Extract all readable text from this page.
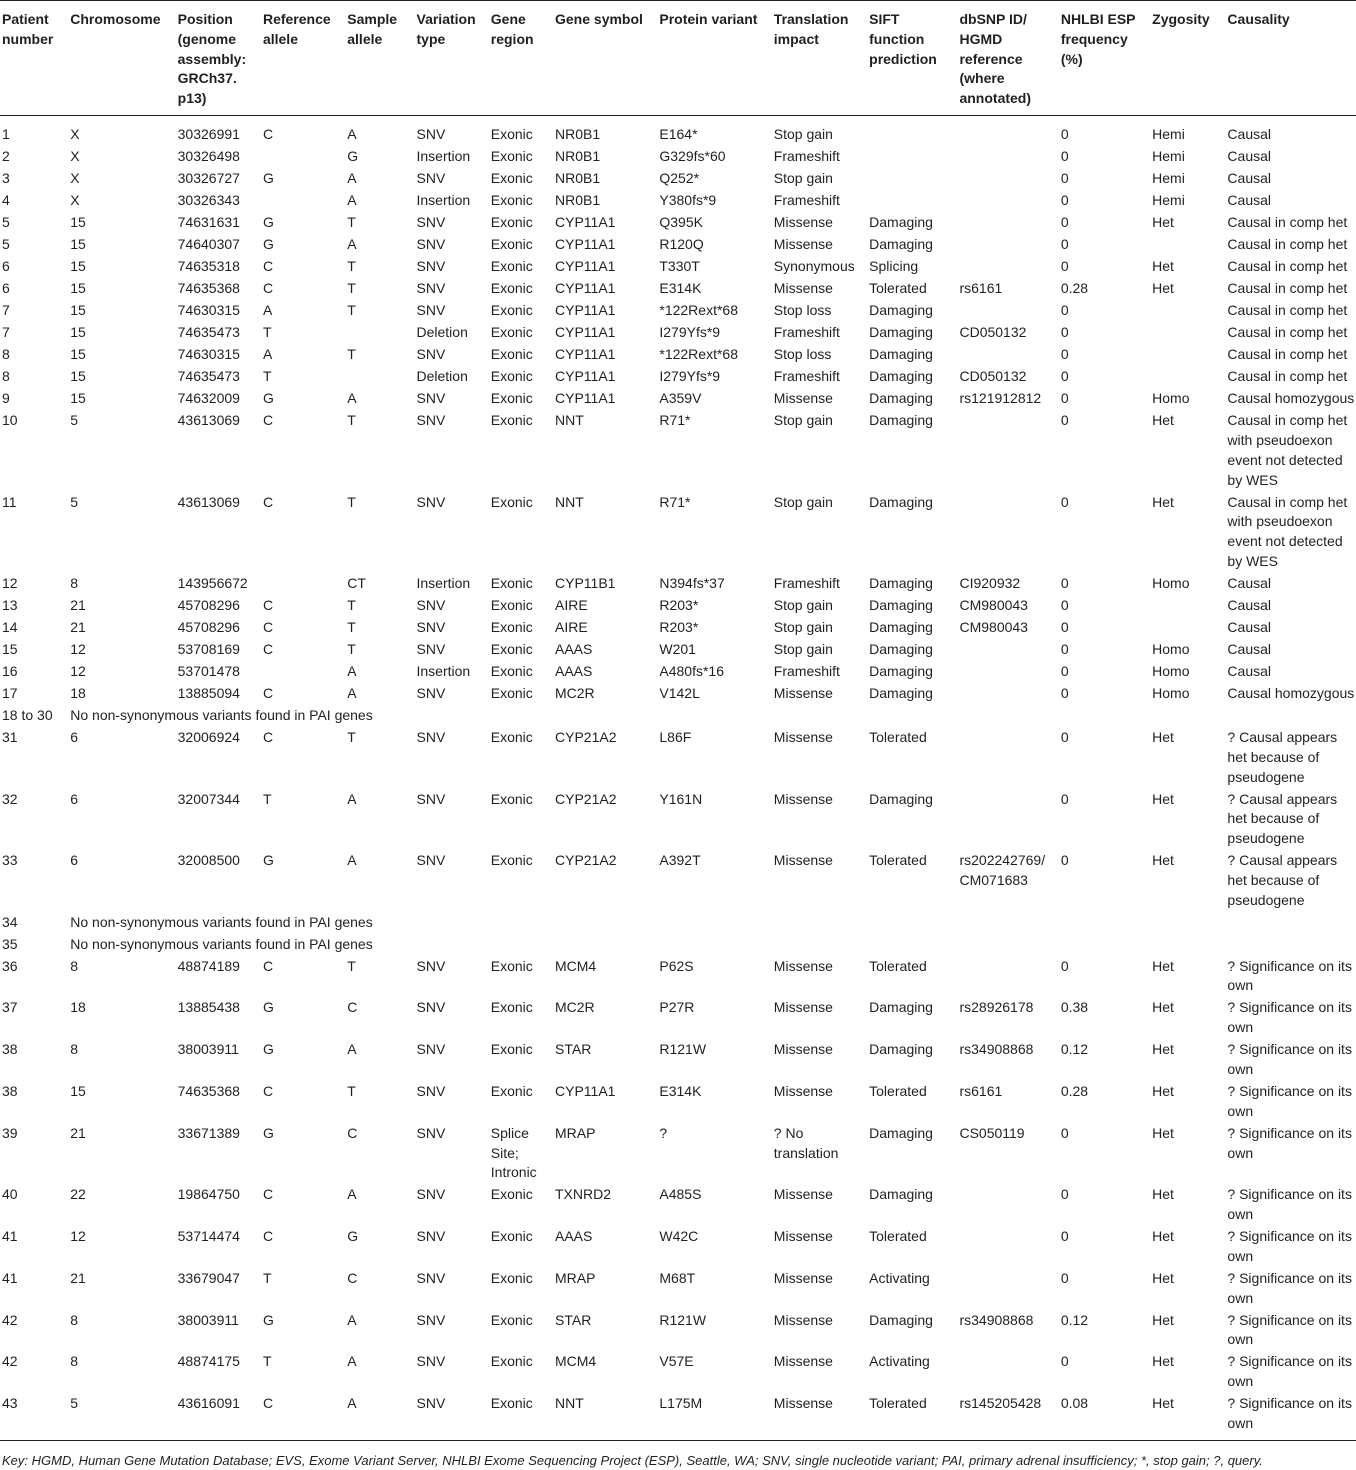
Patient number	Chromosome	Position (genome assembly: GRCh37. p13)	Reference allele	Sample allele	Variation type	Gene region	Gene symbol	Protein variant	Translation impact	SIFT function prediction	dbSNP ID/ HGMD reference (where annotated)	NHLBI ESP frequency (%)	Zygosity	Causality
1	X	30326991	C	A	SNV	Exonic	NR0B1	E164*	Stop gain			0	Hemi	Causal
2	X	30326498		G	Insertion	Exonic	NR0B1	G329fs*60	Frameshift			0	Hemi	Causal
3	X	30326727	G	A	SNV	Exonic	NR0B1	Q252*	Stop gain			0	Hemi	Causal
4	X	30326343		A	Insertion	Exonic	NR0B1	Y380fs*9	Frameshift			0	Hemi	Causal
5	15	74631631	G	T	SNV	Exonic	CYP11A1	Q395K	Missense	Damaging		0	Het	Causal in comp het
5	15	74640307	G	A	SNV	Exonic	CYP11A1	R120Q	Missense	Damaging		0		Causal in comp het
6	15	74635318	C	T	SNV	Exonic	CYP11A1	T330T	Synonymous	Splicing		0	Het	Causal in comp het
6	15	74635368	C	T	SNV	Exonic	CYP11A1	E314K	Missense	Tolerated	rs6161	0.28	Het	Causal in comp het
7	15	74630315	A	T	SNV	Exonic	CYP11A1	*122Rext*68	Stop loss	Damaging		0		Causal in comp het
7	15	74635473	T		Deletion	Exonic	CYP11A1	I279Yfs*9	Frameshift	Damaging	CD050132	0		Causal in comp het
8	15	74630315	A	T	SNV	Exonic	CYP11A1	*122Rext*68	Stop loss	Damaging		0		Causal in comp het
8	15	74635473	T		Deletion	Exonic	CYP11A1	I279Yfs*9	Frameshift	Damaging	CD050132	0		Causal in comp het
9	15	74632009	G	A	SNV	Exonic	CYP11A1	A359V	Missense	Damaging	rs121912812	0	Homo	Causal homozygous
10	5	43613069	C	T	SNV	Exonic	NNT	R71*	Stop gain	Damaging		0	Het	Causal in comp het with pseudoexon event not detected by WES
11	5	43613069	C	T	SNV	Exonic	NNT	R71*	Stop gain	Damaging		0	Het	Causal in comp het with pseudoexon event not detected by WES
12	8	143956672		CT	Insertion	Exonic	CYP11B1	N394fs*37	Frameshift	Damaging	CI920932	0	Homo	Causal
13	21	45708296	C	T	SNV	Exonic	AIRE	R203*	Stop gain	Damaging	CM980043	0		Causal
14	21	45708296	C	T	SNV	Exonic	AIRE	R203*	Stop gain	Damaging	CM980043	0		Causal
15	12	53708169	C	T	SNV	Exonic	AAAS	W201	Stop gain	Damaging		0	Homo	Causal
16	12	53701478		A	Insertion	Exonic	AAAS	A480fs*16	Frameshift	Damaging		0	Homo	Causal
17	18	13885094	C	A	SNV	Exonic	MC2R	V142L	Missense	Damaging		0	Homo	Causal homozygous
18 to 30	No non-synonymous variants found in PAI genes													
31	6	32006924	C	T	SNV	Exonic	CYP21A2	L86F	Missense	Tolerated		0	Het	? Causal appears het because of pseudogene
32	6	32007344	T	A	SNV	Exonic	CYP21A2	Y161N	Missense	Damaging		0	Het	? Causal appears het because of pseudogene
33	6	32008500	G	A	SNV	Exonic	CYP21A2	A392T	Missense	Tolerated	rs202242769/ CM071683	0	Het	? Causal appears het because of pseudogene
34	No non-synonymous variants found in PAI genes													
35	No non-synonymous variants found in PAI genes													
36	8	48874189	C	T	SNV	Exonic	MCM4	P62S	Missense	Tolerated		0	Het	? Significance on its own
37	18	13885438	G	C	SNV	Exonic	MC2R	P27R	Missense	Damaging	rs28926178	0.38	Het	? Significance on its own
38	8	38003911	G	A	SNV	Exonic	STAR	R121W	Missense	Damaging	rs34908868	0.12	Het	? Significance on its own
38	15	74635368	C	T	SNV	Exonic	CYP11A1	E314K	Missense	Tolerated	rs6161	0.28	Het	? Significance on its own
39	21	33671389	G	C	SNV	Splice Site; Intronic	MRAP	?	? No translation	Damaging	CS050119	0	Het	? Significance on its own
40	22	19864750	C	A	SNV	Exonic	TXNRD2	A485S	Missense	Damaging		0	Het	? Significance on its own
41	12	53714474	C	G	SNV	Exonic	AAAS	W42C	Missense	Tolerated		0	Het	? Significance on its own
41	21	33679047	T	C	SNV	Exonic	MRAP	M68T	Missense	Activating		0	Het	? Significance on its own
42	8	38003911	G	A	SNV	Exonic	STAR	R121W	Missense	Damaging	rs34908868	0.12	Het	? Significance on its own
42	8	48874175	T	A	SNV	Exonic	MCM4	V57E	Missense	Activating		0	Het	? Significance on its own
43	5	43616091	C	A	SNV	Exonic	NNT	L175M	Missense	Tolerated	rs145205428	0.08	Het	? Significance on its own
Key: HGMD, Human Gene Mutation Database; EVS, Exome Variant Server, NHLBI Exome Sequencing Project (ESP), Seattle, WA; SNV, single nucleotide variant; PAI, primary adrenal insufficiency; *, stop gain; ?, query.
